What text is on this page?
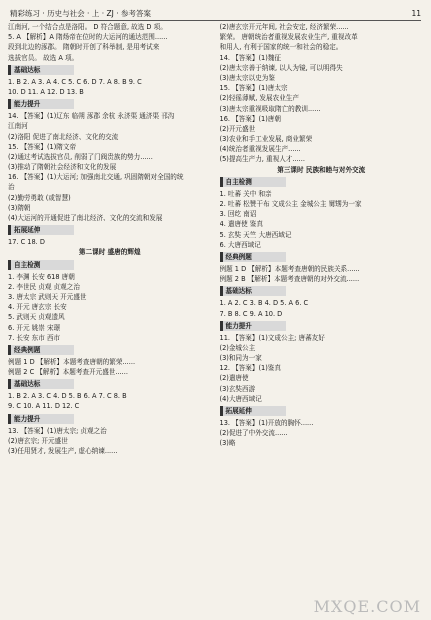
精彩练习 · 历史与社会 · 上 · ZJ · 参考答案	11
江南河, 一个结合点是洛阳。 D 符合题意, 故选 D 项。
5. A 【解析】A 隋炀帝在位时的大运河的通达范围......
段到北边的涿郡。 隋朝时开创了科举制, 是用考试来
选拔官员。 故选 A 项。
基础达标
1. B 2. A 3. A 4. C 5. C 6. D 7. A 8. B 9. C
10. D 11. A 12. D 13. B
能力提升
14. 【答案】(1)辽东 临朔 涿郡 余杭 永济渠 通济渠 邗沟
江南河
(2)洛阳 促进了南北经济、文化的交流
15. 【答案】(1)隋文帝
(2)通过考试选拔官员, 削弱了门阀贵族的势力......
(3)推动了隋朝社会经济和文化的发展
16. 【答案】(1)大运河; 加强南北交通, 巩固隋朝对全国的统
治
(2)勤劳勇敢 (或智慧)
(3)隋朝
(4)大运河的开通促进了南北经济、文化的交流和发展
拓展延伸
17. C 18. D
第二课时 盛唐的辉煌
自主检测
1. 李渊 长安 618 唐朝
2. 李世民 贞观 贞观之治
3. 唐太宗 武则天 开元盛世
4. 开元 唐玄宗 长安
5. 武则天 贞观遗风
6. 开元 姚崇 宋璟
7. 长安 东市 西市
经典例题
例题 1 D 【解析】本题考查唐朝的繁荣......
例题 2 C 【解析】本题考查开元盛世......
基础达标
1. B 2. A 3. C 4. D 5. B 6. A 7. C 8. B
9. C 10. A 11. D 12. C
能力提升
13. 【答案】(1)唐太宗; 贞观之治
(2)唐玄宗; 开元盛世
(3)任用贤才, 发展生产, 虚心纳谏......
(2)唐玄宗开元年间, 社会安定, 经济繁荣......
繁荣。 唐朝统治者重视发展农业生产, 重视改革
和用人, 有利于国家的统一和社会的稳定。
14. 【答案】(1)魏征
(2)唐太宗善于纳谏, 以人为镜, 可以明得失
(3)唐太宗以史为鉴
15. 【答案】(1)唐太宗
(2)轻徭薄赋, 发展农业生产
(3)唐太宗重视吸取隋亡的教训......
16. 【答案】(1)唐朝
(2)开元盛世
(3)农业和手工业发展, 商业繁荣
(4)统治者重视发展生产......
(5)提高生产力, 重视人才......
第三课时 民族和睦与对外交流
自主检测
1. 吐蕃 关中 和亲
2. 吐蕃 松赞干布 文成公主 金城公主 舅甥为一家
3. 回纥 南诏
4. 遣唐使 鉴真
5. 玄奘 天竺 大唐西域记
6. 大唐西域记
经典例题
例题 1 D 【解析】本题考查唐朝的民族关系......
例题 2 B 【解析】本题考查唐朝的对外交流......
基础达标
1. A 2. C 3. B 4. D 5. A 6. C
7. B 8. C 9. A 10. D
能力提升
11. 【答案】(1)文成公主; 唐蕃友好
(2)金城公主
(3)和同为一家
12. 【答案】(1)鉴真
(2)遣唐使
(3)玄奘西游
(4)大唐西域记
拓展延伸
13. 【答案】(1)开放的胸怀......
(2)促进了中外交流......
(3)略
MXQE.COM
